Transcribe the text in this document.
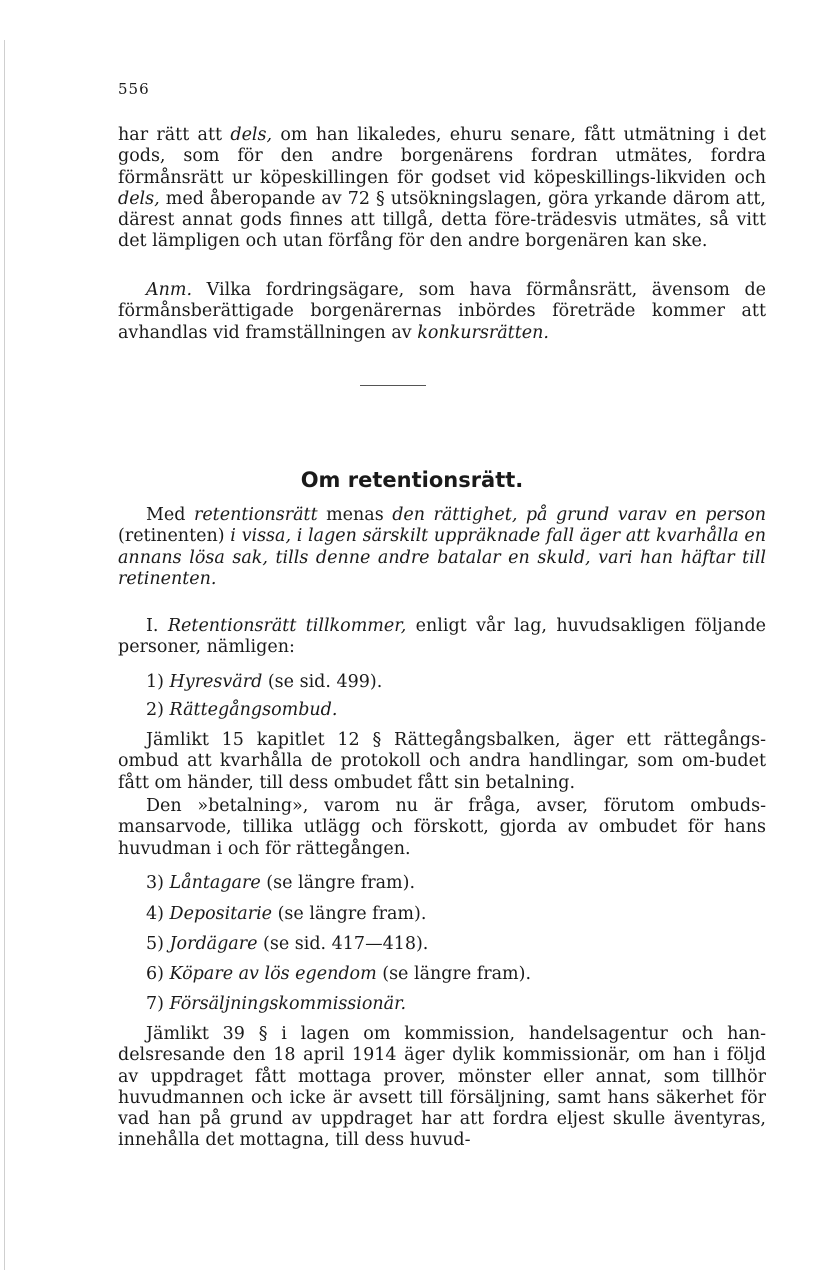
556
har rätt att dels, om han likaledes, ehuru senare, fått utmätning i det gods, som för den andre borgenärens fordran utmätes, fordra förmånsrätt ur köpeskillingen för godset vid köpeskillings-likviden och dels, med åberopande av 72 § utsökningslagen, göra yrkande därom att, därest annat gods finnes att tillgå, detta före-trädesvis utmätes, så vitt det lämpligen och utan förfång för den andre borgenären kan ske.
Anm. Vilka fordringsägare, som hava förmånsrätt, ävensom de förmånsberättigade borgenärernas inbördes företräde kommer att avhandlas vid framställningen av konkursrätten.
Om retentionsrätt.
Med retentionsrätt menas den rättighet, på grund varav en person (retinenten) i vissa, i lagen särskilt uppräknade fall äger att kvarhålla en annans lösa sak, tills denne andre batalar en skuld, vari han häftar till retinenten.
I. Retentionsrätt tillkommer, enligt vår lag, huvudsakligen följande personer, nämligen:
1) Hyresvärd (se sid. 499).
2) Rättegångsombud.
Jämlikt 15 kapitlet 12 § Rättegångsbalken, äger ett rättegångs-ombud att kvarhålla de protokoll och andra handlingar, som om-budet fått om händer, till dess ombudet fått sin betalning.
Den »betalning», varom nu är fråga, avser, förutom ombuds-mansarvode, tillika utlägg och förskott, gjorda av ombudet för hans huvudman i och för rättegången.
3) Låntagare (se längre fram).
4) Depositarie (se längre fram).
5) Jordägare (se sid. 417—418).
6) Köpare av lös egendom (se längre fram).
7) Försäljningskommissionär.
Jämlikt 39 § i lagen om kommission, handelsagentur och han-delsresande den 18 april 1914 äger dylik kommissionär, om han i följd av uppdraget fått mottaga prover, mönster eller annat, som tillhör huvudmannen och icke är avsett till försäljning, samt hans säkerhet för vad han på grund av uppdraget har att fordra eljest skulle äventyras, innehålla det mottagna, till dess huvud-
